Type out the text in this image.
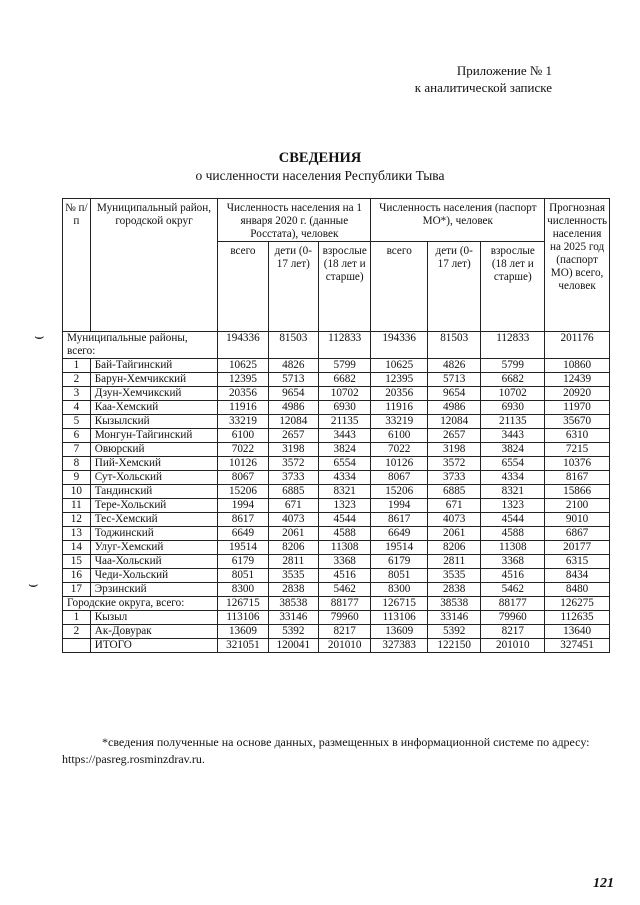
Приложение № 1
к аналитической записке
СВЕДЕНИЯ
о численности населения Республики Тыва
⌣
⌣
№ п/п	Муниципальный район, городской округ	Численность населения на 1 января 2020 г. (данные Росстата), человек			Численность населения (паспорт МО*), человек			Прогнозная численность населения на 2025 год (паспорт МО) всего, человек
		всего	дети (0-17 лет)	взрослые (18 лет и старше)	всего	дети (0-17 лет)	взрослые (18 лет и старше)	
Муниципальные районы, всего:		194336	81503	112833	194336	81503	112833	201176
1	Бай-Тайгинский	10625	4826	5799	10625	4826	5799	10860
2	Барун-Хемчикский	12395	5713	6682	12395	5713	6682	12439
3	Дзун-Хемчикский	20356	9654	10702	20356	9654	10702	20920
4	Каа-Хемский	11916	4986	6930	11916	4986	6930	11970
5	Кызылский	33219	12084	21135	33219	12084	21135	35670
6	Монгун-Тайгинский	6100	2657	3443	6100	2657	3443	6310
7	Овюрский	7022	3198	3824	7022	3198	3824	7215
8	Пий-Хемский	10126	3572	6554	10126	3572	6554	10376
9	Сут-Хольский	8067	3733	4334	8067	3733	4334	8167
10	Тандинский	15206	6885	8321	15206	6885	8321	15866
11	Тере-Хольский	1994	671	1323	1994	671	1323	2100
12	Тес-Хемский	8617	4073	4544	8617	4073	4544	9010
13	Тоджинский	6649	2061	4588	6649	2061	4588	6867
14	Улуг-Хемский	19514	8206	11308	19514	8206	11308	20177
15	Чаа-Хольский	6179	2811	3368	6179	2811	3368	6315
16	Чеди-Хольский	8051	3535	4516	8051	3535	4516	8434
17	Эрзинский	8300	2838	5462	8300	2838	5462	8480
Городские округа, всего:		126715	38538	88177	126715	38538	88177	126275
1	Кызыл	113106	33146	79960	113106	33146	79960	112635
2	Ак-Довурак	13609	5392	8217	13609	5392	8217	13640
	ИТОГО	321051	120041	201010	327383	122150	201010	327451
*сведения полученные на основе данных, размещенных в информационной системе по адресу: https://pasreg.rosminzdrav.ru.
121
